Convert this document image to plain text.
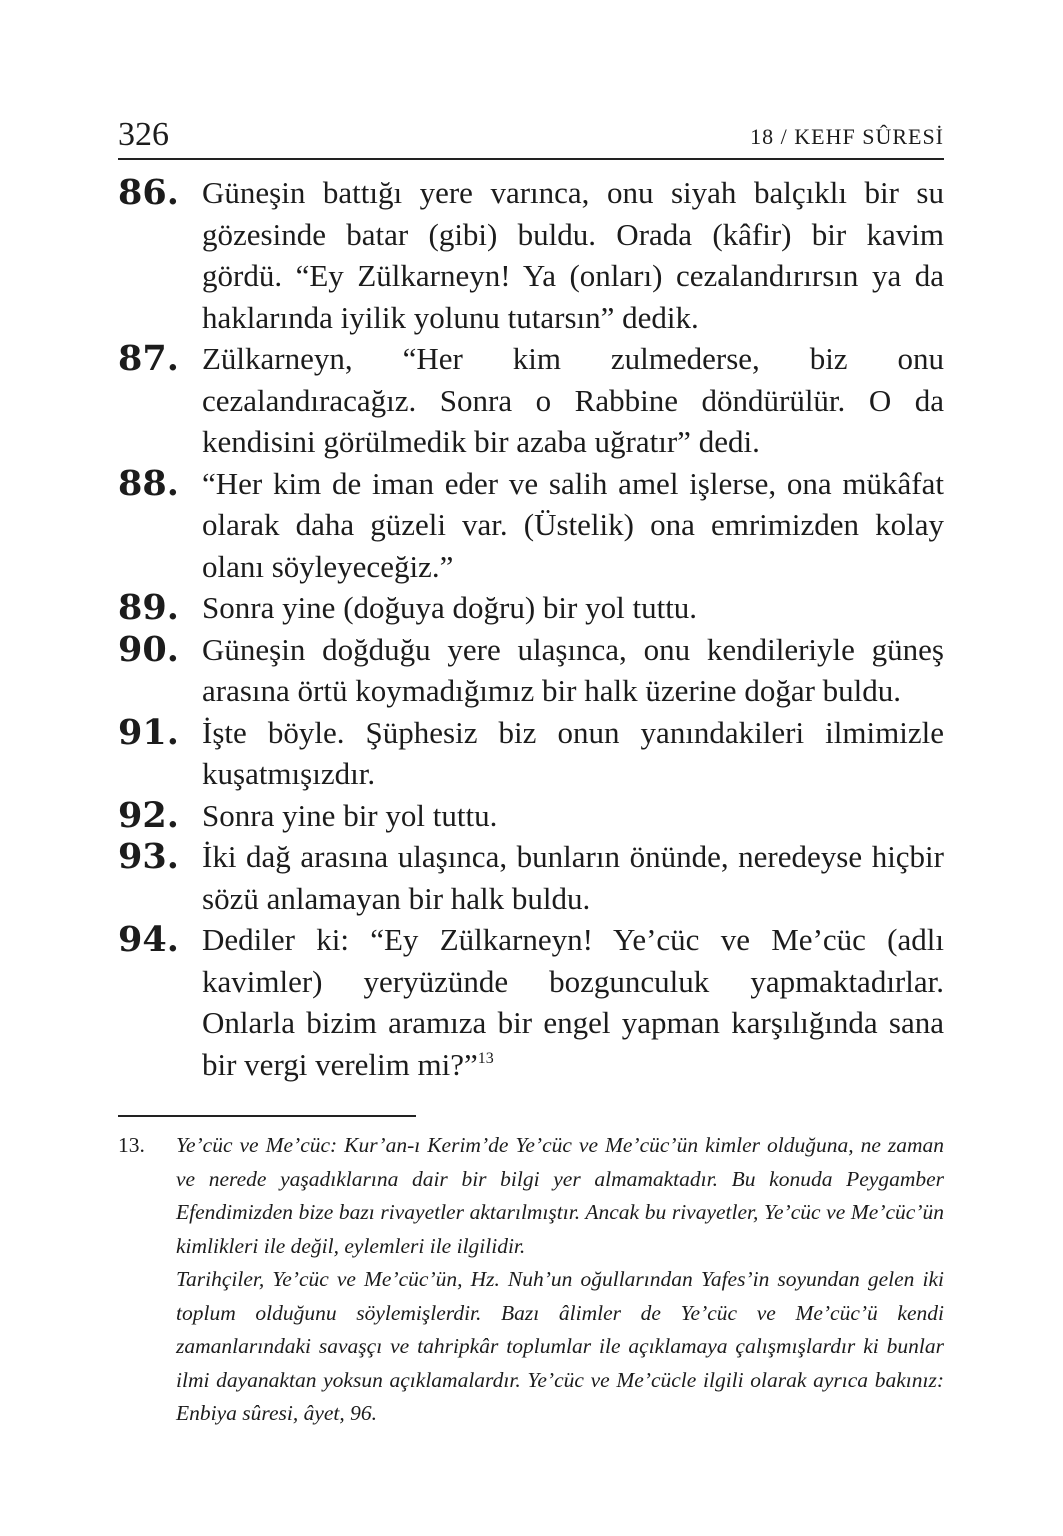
326	18 / KEHF SÛRESİ
86. Güneşin battığı yere varınca, onu siyah balçıklı bir su gözesinde batar (gibi) buldu. Orada (kâfir) bir kavim gördü. “Ey Zülkarneyn! Ya (onları) cezalandırırsın ya da haklarında iyilik yolunu tutarsın” dedik.
87. Zülkarneyn, “Her kim zulmederse, biz onu cezalandıracağız. Sonra o Rabbine döndürülür. O da kendisini görülmedik bir azaba uğratır” dedi.
88. “Her kim de iman eder ve salih amel işlerse, ona mükâfat olarak daha güzeli var. (Üstelik) ona emrimizden kolay olanı söyleyeceğiz.”
89. Sonra yine (doğuya doğru) bir yol tuttu.
90. Güneşin doğduğu yere ulaşınca, onu kendileriyle güneş arasına örtü koymadığımız bir halk üzerine doğar buldu.
91. İşte böyle. Şüphesiz biz onun yanındakileri ilmimizle kuşatmışızdır.
92. Sonra yine bir yol tuttu.
93. İki dağ arasına ulaşınca, bunların önünde, neredeyse hiçbir sözü anlamayan bir halk buldu.
94. Dediler ki: “Ey Zülkarneyn! Ye’cüc ve Me’cüc (adlı kavimler) yeryüzünde bozgunculuk yapmaktadırlar. Onlarla bizim aramıza bir engel yapman karşılığında sana bir vergi verelim mi?”$^{13}$
13.	Ye’cüc ve Me’cüc: Kur’an-ı Kerim’de Ye’cüc ve Me’cüc’ün kimler olduğuna, ne zaman ve nerede yaşadıklarına dair bir bilgi yer almamaktadır. Bu konuda Peygamber Efendimizden bize bazı rivayetler aktarılmıştır. Ancak bu rivayetler, Ye’cüc ve Me’cüc’ün kimlikleri ile değil, eylemleri ile ilgilidir.

Tarihçiler, Ye’cüc ve Me’cüc’ün, Hz. Nuh’un oğullarından Yafes’in soyundan gelen iki toplum olduğunu söylemişlerdir. Bazı âlimler de Ye’cüc ve Me’cüc’ü kendi zamanlarındaki savaşçı ve tahripkâr toplumlar ile açıklamaya çalışmışlardır ki bunlar ilmi dayanaktan yoksun açıklamalardır. Ye’cüc ve Me’cücle ilgili olarak ayrıca bakınız: Enbiya sûresi, âyet, 96.
